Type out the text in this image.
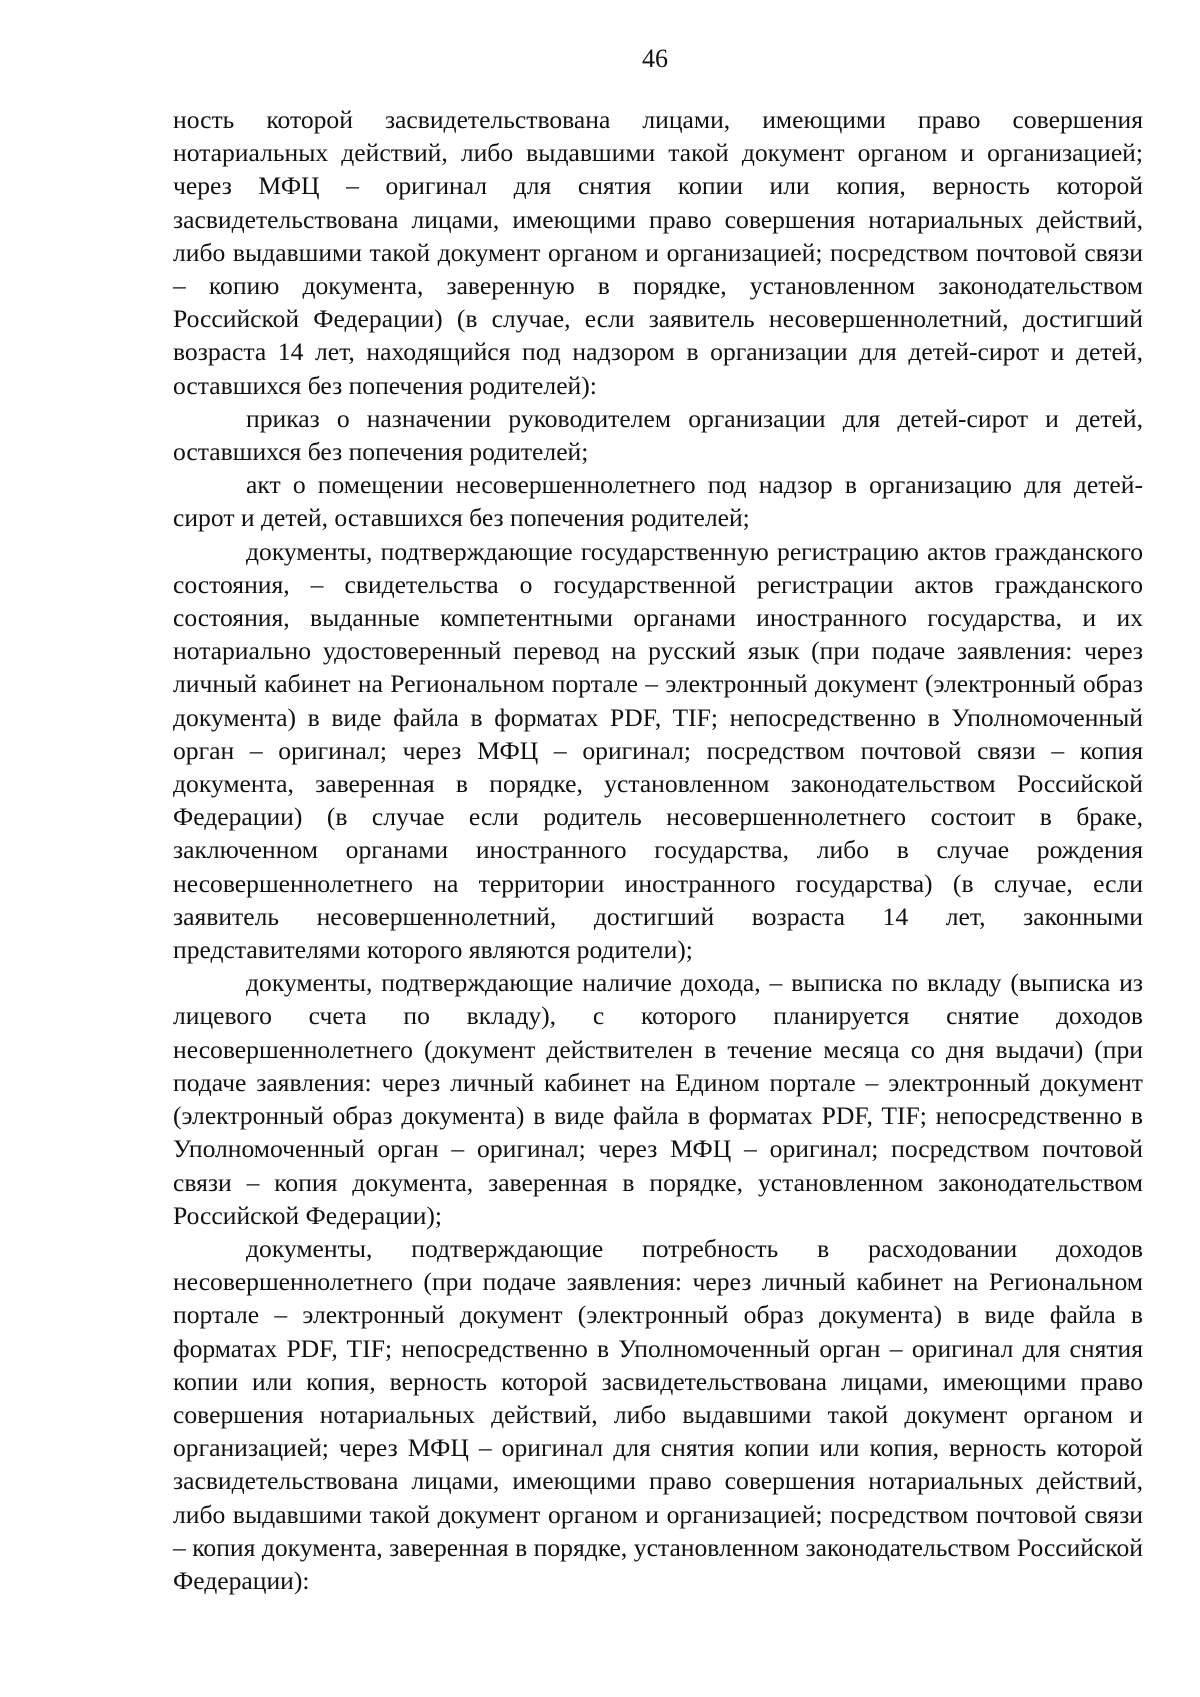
46

ность которой засвидетельствована лицами, имеющими право совершения нотариальных действий, либо выдавшими такой документ органом и организацией; через МФЦ – оригинал для снятия копии или копия, верность которой засвидетельствована лицами, имеющими право совершения нотариальных действий, либо выдавшими такой документ органом и организацией; посредством почтовой связи – копию документа, заверенную в порядке, установленном законодательством Российской Федерации) (в случае, если заявитель несовершеннолетний, достигший возраста 14 лет, находящийся под надзором в организации для детей-сирот и детей, оставшихся без попечения родителей):

приказ о назначении руководителем организации для детей-сирот и детей, оставшихся без попечения родителей;

акт о помещении несовершеннолетнего под надзор в организацию для детей-сирот и детей, оставшихся без попечения родителей;

документы, подтверждающие государственную регистрацию актов гражданского состояния, – свидетельства о государственной регистрации актов гражданского состояния, выданные компетентными органами иностранного государства, и их нотариально удостоверенный перевод на русский язык (при подаче заявления: через личный кабинет на Региональном портале – электронный документ (электронный образ документа) в виде файла в форматах PDF, TIF; непосредственно в Уполномоченный орган – оригинал; через МФЦ – оригинал; посредством почтовой связи – копия документа, заверенная в порядке, установленном законодательством Российской Федерации) (в случае если родитель несовершеннолетнего состоит в браке, заключенном органами иностранного государства, либо в случае рождения несовершеннолетнего на территории иностранного государства) (в случае, если заявитель несовершеннолетний, достигший возраста 14 лет, законными представителями которого являются родители);

документы, подтверждающие наличие дохода, – выписка по вкладу (выписка из лицевого счета по вкладу), с которого планируется снятие доходов несовершеннолетнего (документ действителен в течение месяца со дня выдачи) (при подаче заявления: через личный кабинет на Едином портале – электронный документ (электронный образ документа) в виде файла в форматах PDF, TIF; непосредственно в Уполномоченный орган – оригинал; через МФЦ – оригинал; посредством почтовой связи – копия документа, заверенная в порядке, установленном законодательством Российской Федерации);

документы, подтверждающие потребность в расходовании доходов несовершеннолетнего (при подаче заявления: через личный кабинет на Региональном портале – электронный документ (электронный образ документа) в виде файла в форматах PDF, TIF; непосредственно в Уполномоченный орган – оригинал для снятия копии или копия, верность которой засвидетельствована лицами, имеющими право совершения нотариальных действий, либо выдавшими такой документ органом и организацией; через МФЦ – оригинал для снятия копии или копия, верность которой засвидетельствована лицами, имеющими право совершения нотариальных действий, либо выдавшими такой документ органом и организацией; посредством почтовой связи – копия документа, заверенная в порядке, установленном законодательством Российской Федерации):
